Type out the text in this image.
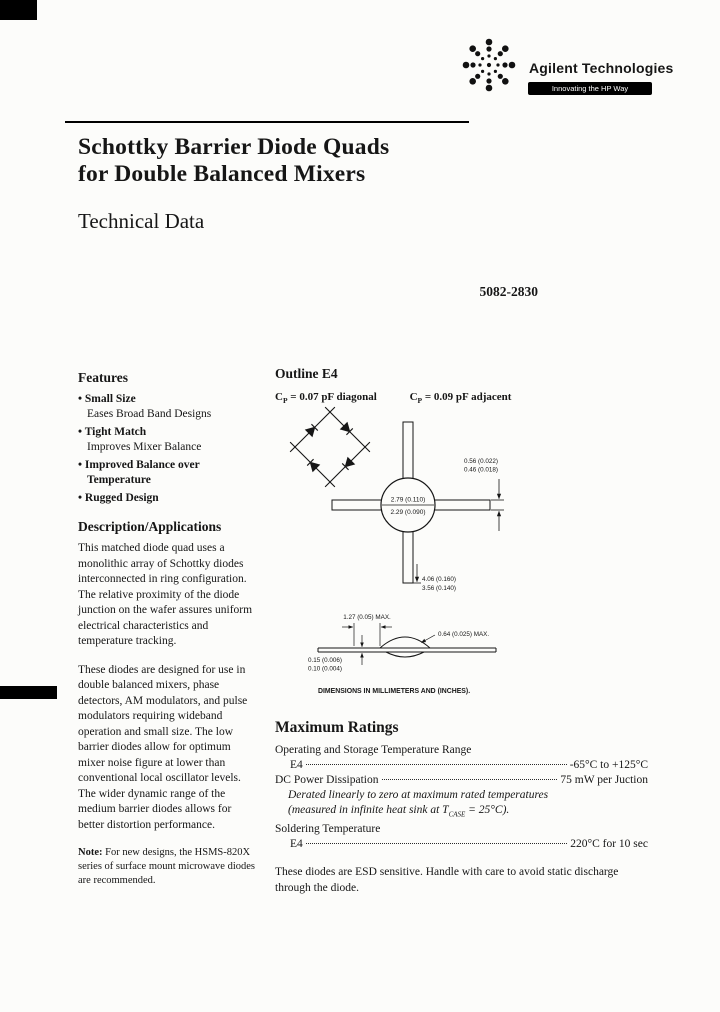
Agilent Technologies
Innovating the HP Way
Schottky Barrier Diode Quads
for Double Balanced Mixers
Technical Data
5082-2830
Features
• Small Size
Eases Broad Band Designs
• Tight Match
Improves Mixer Balance
• Improved Balance over
Temperature
• Rugged Design
Description/Applications
This matched diode quad uses a monolithic array of Schottky diodes interconnected in ring configuration. The relative proximity of the diode junction on the wafer assures uniform electrical characteristics and temperature tracking.
These diodes are designed for use in double balanced mixers, phase detectors, AM modulators, and pulse modulators requiring wideband operation and small size. The low barrier diodes allow for optimum mixer noise figure at lower than conventional local oscillator levels. The wider dynamic range of the medium barrier diodes allows for better distortion performance.
Note: For new designs, the HSMS-820X series of surface mount microwave diodes are recommended.
Outline E4
$C_P = 0.07$ pF diagonal	$C_P = 0.09$ pF adjacent
2.79 (0.110)
2.29 (0.090)
0.56 (0.022)
0.46 (0.018)
4.06 (0.160)
3.56 (0.140)
1.27 (0.05) MAX.
0.64 (0.025) MAX.
0.15 (0.006)
0.10 (0.004)
DIMENSIONS IN MILLIMETERS AND (INCHES).
Maximum Ratings
Operating and Storage Temperature Range
E4	-65°C to +125°C
DC Power Dissipation	75 mW per Juction
Derated linearly to zero at maximum rated temperatures
(measured in infinite heat sink at $T_{CASE} = 25^\circ C$).
Soldering Temperature
E4	220°C for 10 sec
These diodes are ESD sensitive. Handle with care to avoid static discharge through the diode.
